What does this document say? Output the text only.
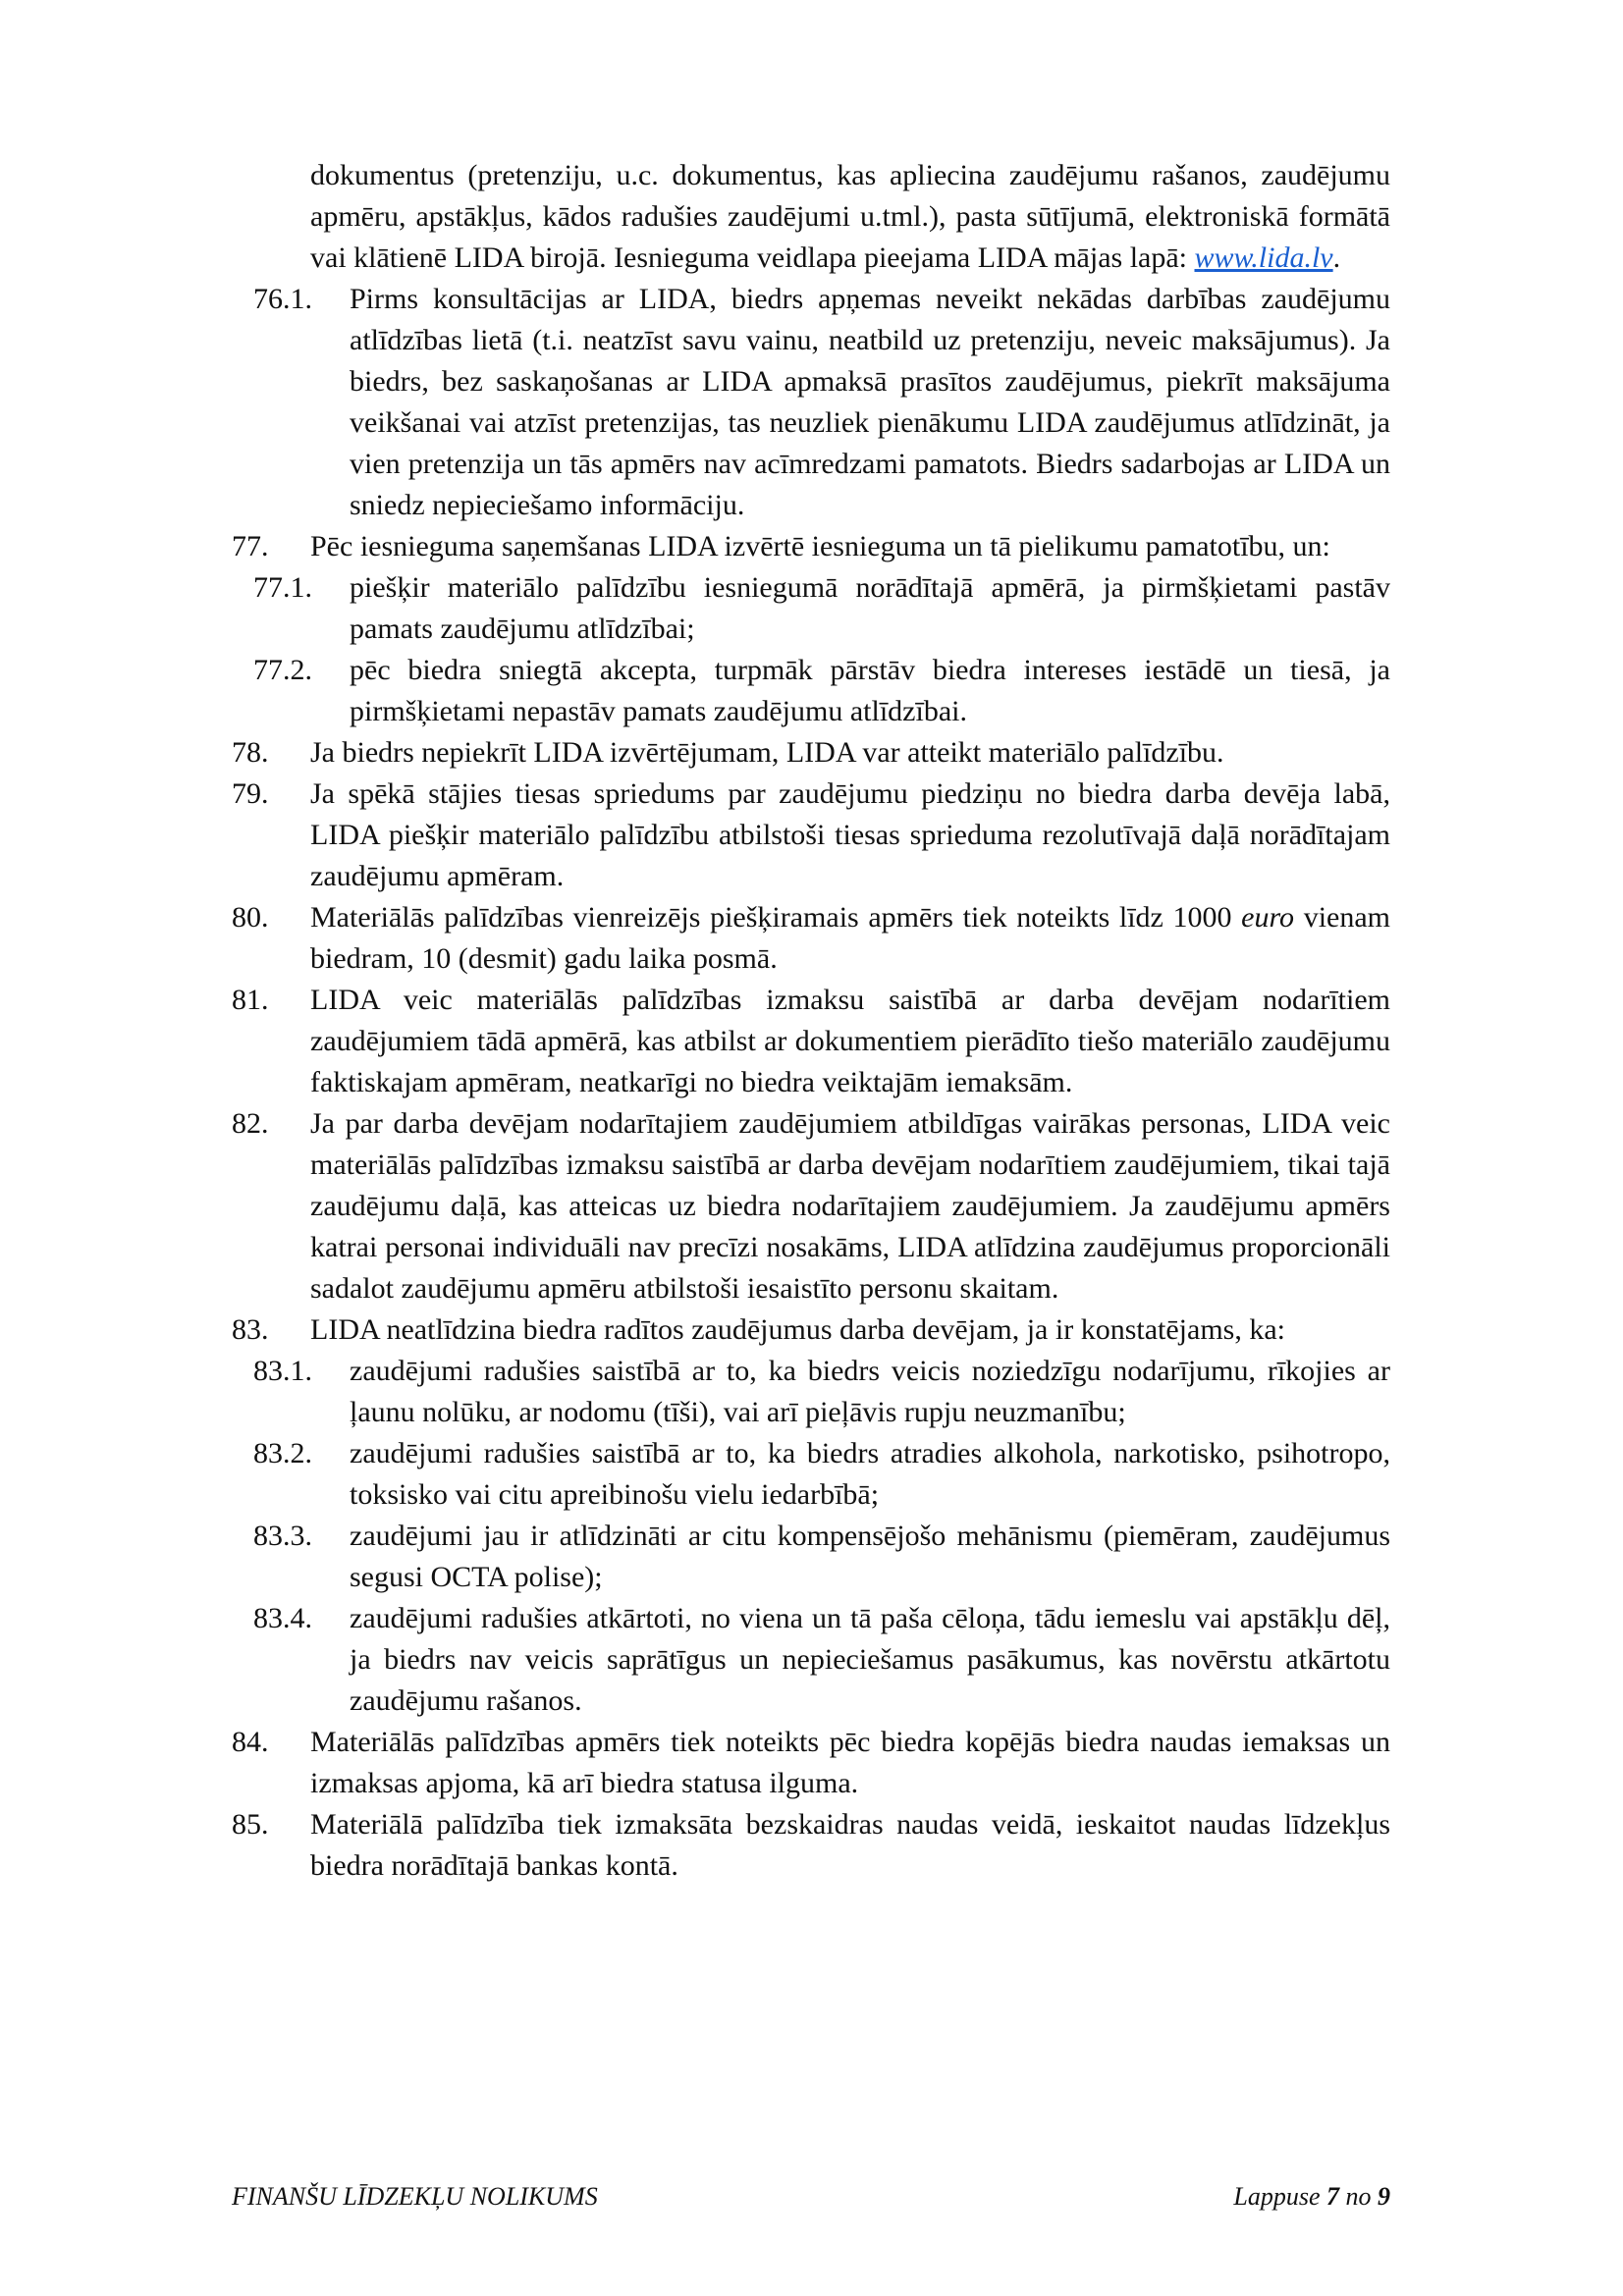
dokumentus (pretenziju, u.c. dokumentus, kas apliecina zaudējumu rašanos, zaudējumu apmēru, apstākļus, kādos radušies zaudējumi u.tml.), pasta sūtījumā, elektroniskā formātā vai klātienē LIDA birojā. Iesnieguma veidlapa pieejama LIDA mājas lapā: www.lida.lv.

76.1. Pirms konsultācijas ar LIDA, biedrs apņemas neveikt nekādas darbības zaudējumu atlīdzības lietā (t.i. neatzīst savu vainu, neatbild uz pretenziju, neveic maksājumus). Ja biedrs, bez saskaņošanas ar LIDA apmaksā prasītos zaudējumus, piekrīt maksājuma veikšanai vai atzīst pretenzijas, tas neuzliek pienākumu LIDA zaudējumus atlīdzināt, ja vien pretenzija un tās apmērs nav acīmredzami pamatots. Biedrs sadarbojas ar LIDA un sniedz nepieciešamo informāciju.
77. Pēc iesnieguma saņemšanas LIDA izvērtē iesnieguma un tā pielikumu pamatotību, un:
77.1. piešķir materiālo palīdzību iesniegumā norādītajā apmērā, ja pirmšķietami pastāv pamats zaudējumu atlīdzībai;
77.2. pēc biedra sniegtā akcepta, turpmāk pārstāv biedra intereses iestādē un tiesā, ja pirmšķietami nepastāv pamats zaudējumu atlīdzībai.
78. Ja biedrs nepiekrīt LIDA izvērtējumam, LIDA var atteikt materiālo palīdzību.
79. Ja spēkā stājies tiesas spriedums par zaudējumu piedziņu no biedra darba devēja labā, LIDA piešķir materiālo palīdzību atbilstoši tiesas sprieduma rezolutīvajā daļā norādītajam zaudējumu apmēram.
80. Materiālās palīdzības vienreizējs piešķiramais apmērs tiek noteikts līdz 1000 euro vienam biedram, 10 (desmit) gadu laika posmā.
81. LIDA veic materiālās palīdzības izmaksu saistībā ar darba devējam nodarītiem zaudējumiem tādā apmērā, kas atbilst ar dokumentiem pierādīto tiešo materiālo zaudējumu faktiskajam apmēram, neatkarīgi no biedra veiktajām iemaksām.
82. Ja par darba devējam nodarītajiem zaudējumiem atbildīgas vairākas personas, LIDA veic materiālās palīdzības izmaksu saistībā ar darba devējam nodarītiem zaudējumiem, tikai tajā zaudējumu daļā, kas atteicas uz biedra nodarītajiem zaudējumiem. Ja zaudējumu apmērs katrai personai individuāli nav precīzi nosakāms, LIDA atlīdzina zaudējumus proporcionāli sadalot zaudējumu apmēru atbilstoši iesaistīto personu skaitam.
83. LIDA neatlīdzina biedra radītos zaudējumus darba devējam, ja ir konstatējams, ka:
83.1. zaudējumi radušies saistībā ar to, ka biedrs veicis noziedzīgu nodarījumu, rīkojies ar ļaunu nolūku, ar nodomu (tīši), vai arī pieļāvis rupju neuzmanību;
83.2. zaudējumi radušies saistībā ar to, ka biedrs atradies alkohola, narkotisko, psihotropo, toksisko vai citu apreibinošu vielu iedarbībā;
83.3. zaudējumi jau ir atlīdzināti ar citu kompensējošo mehānismu (piemēram, zaudējumus segusi OCTA polise);
83.4. zaudējumi radušies atkārtoti, no viena un tā paša cēloņa, tādu iemeslu vai apstākļu dēļ, ja biedrs nav veicis saprātīgus un nepieciešamus pasākumus, kas novērstu atkārtotu zaudējumu rašanos.
84. Materiālās palīdzības apmērs tiek noteikts pēc biedra kopējās biedra naudas iemaksas un izmaksas apjoma, kā arī biedra statusa ilguma.
85. Materiālā palīdzība tiek izmaksāta bezskaidras naudas veidā, ieskaitot naudas līdzekļus biedra norādītajā bankas kontā.
FINANŠU LĪDZEKĻU NOLIKUMS	Lappuse 7 no 9
